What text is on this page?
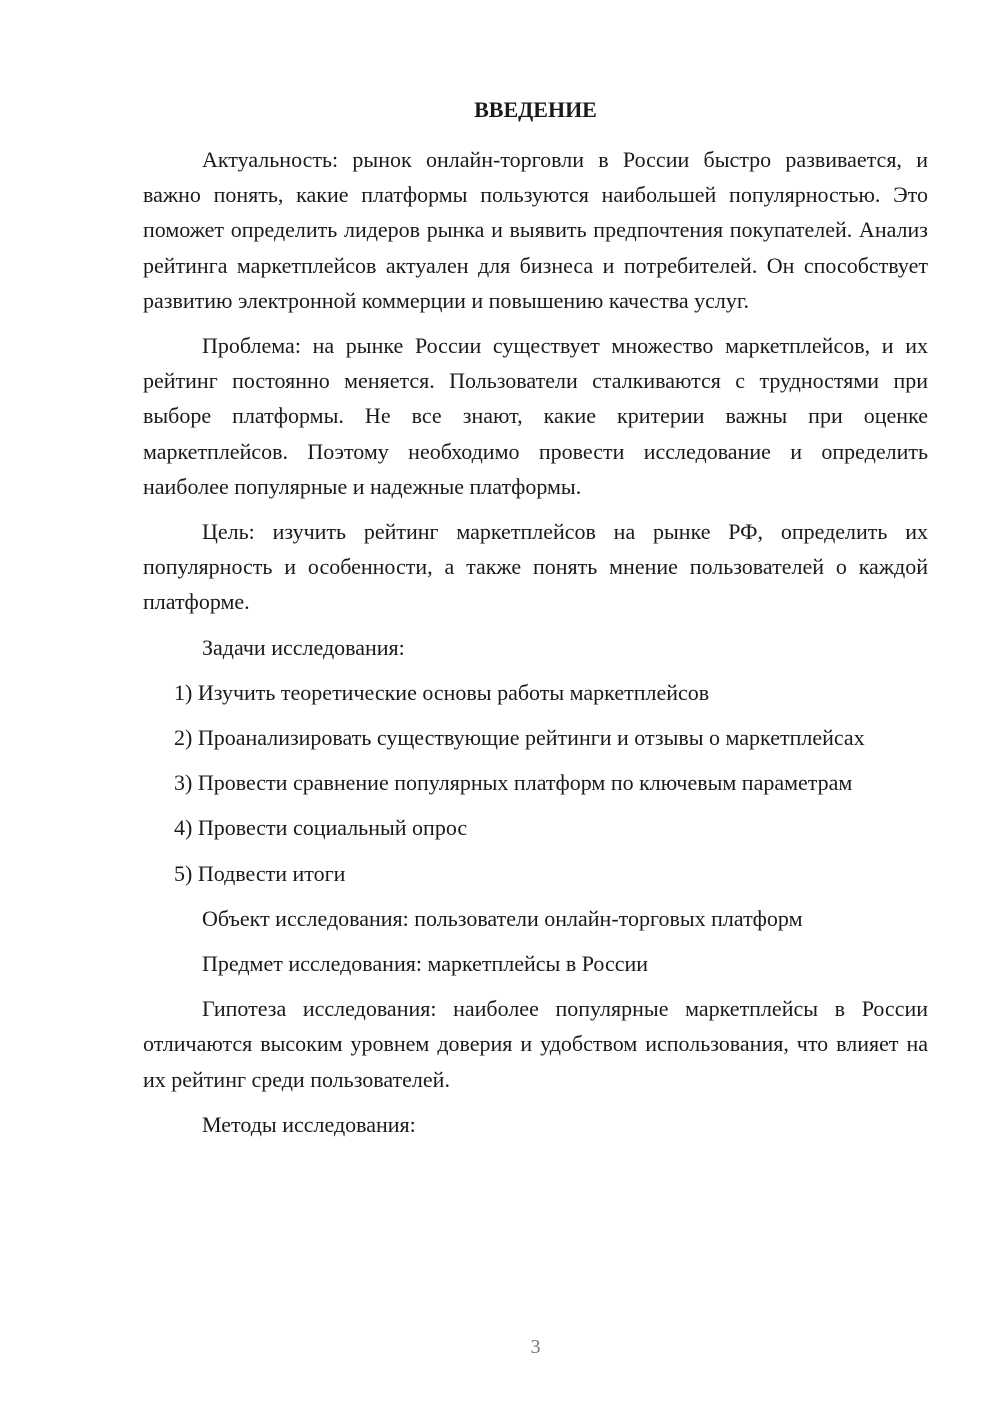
ВВЕДЕНИЕ

Актуальность: рынок онлайн-торговли в России быстро развивается, и важно понять, какие платформы пользуются наибольшей популярностью. Это поможет определить лидеров рынка и выявить предпочтения покупателей. Анализ рейтинга маркетплейсов актуален для бизнеса и потребителей. Он способствует развитию электронной коммерции и повышению качества услуг.

Проблема: на рынке России существует множество маркетплейсов, и их рейтинг постоянно меняется. Пользователи сталкиваются с трудностями при выборе платформы. Не все знают, какие критерии важны при оценке маркетплейсов. Поэтому необходимо провести исследование и определить наиболее популярные и надежные платформы.

Цель: изучить рейтинг маркетплейсов на рынке РФ, определить их популярность и особенности, а также понять мнение пользователей о каждой платформе.

Задачи исследования:

1) Изучить теоретические основы работы маркетплейсов

2) Проанализировать существующие рейтинги и отзывы о маркетплейсах

3) Провести сравнение популярных платформ по ключевым параметрам

4) Провести социальный опрос

5) Подвести итоги

Объект исследования: пользователи онлайн-торговых платформ

Предмет исследования: маркетплейсы в России

Гипотеза исследования: наиболее популярные маркетплейсы в России отличаются высоким уровнем доверия и удобством использования, что влияет на их рейтинг среди пользователей.

Методы исследования:

3
